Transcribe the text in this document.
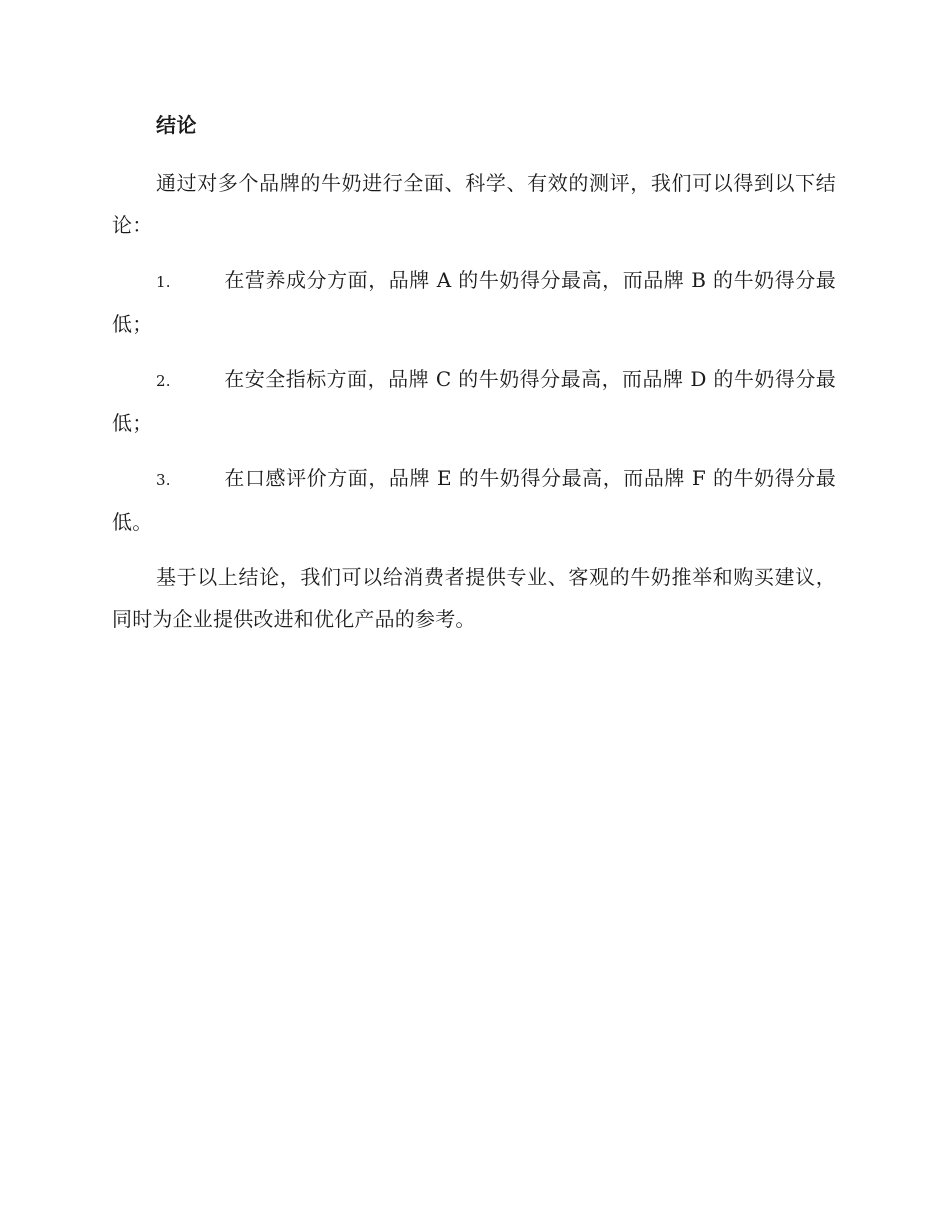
结论

通过对多个品牌的牛奶进行全面、科学、有效的测评，我们可以得到以下结论：

1.	在营养成分方面，品牌 A 的牛奶得分最高，而品牌 B 的牛奶得分最低；
2.	在安全指标方面，品牌 C 的牛奶得分最高，而品牌 D 的牛奶得分最低；
3.	在口感评价方面，品牌 E 的牛奶得分最高，而品牌 F 的牛奶得分最低。

基于以上结论，我们可以给消费者提供专业、客观的牛奶推举和购买建议，同时为企业提供改进和优化产品的参考。
